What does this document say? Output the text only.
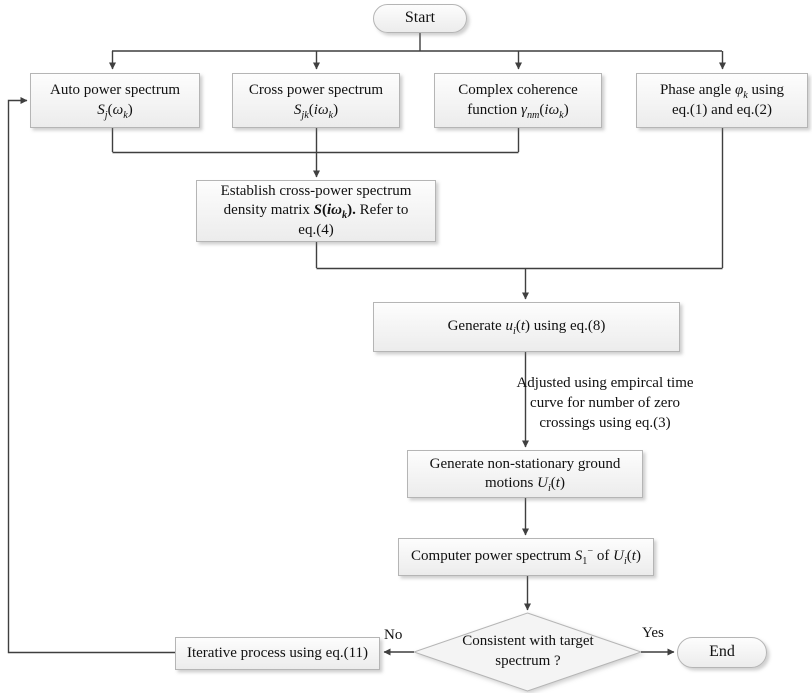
Start
Auto power spectrum
$S_j(\omega_k)$
Cross power spectrum
$S_{jk}(i\omega_k)$
Complex coherence
function $\gamma_{nm}(i\omega_k)$
Phase angle $\varphi_k$ using
eq.(1) and eq.(2)
Establish cross-power spectrum
density matrix $S(i\omega_k)$. Refer to
eq.(4)
Generate $u_i(t)$ using eq.(8)
Adjusted using empircal time
curve for number of zero
crossings using eq.(3)
Generate non-stationary ground
motions $U_i(t)$
Computer power spectrum $S_1^-$ of $U_i(t)$
Consistent with target
spectrum ?
Iterative process using eq.(11)	End
No	Yes
